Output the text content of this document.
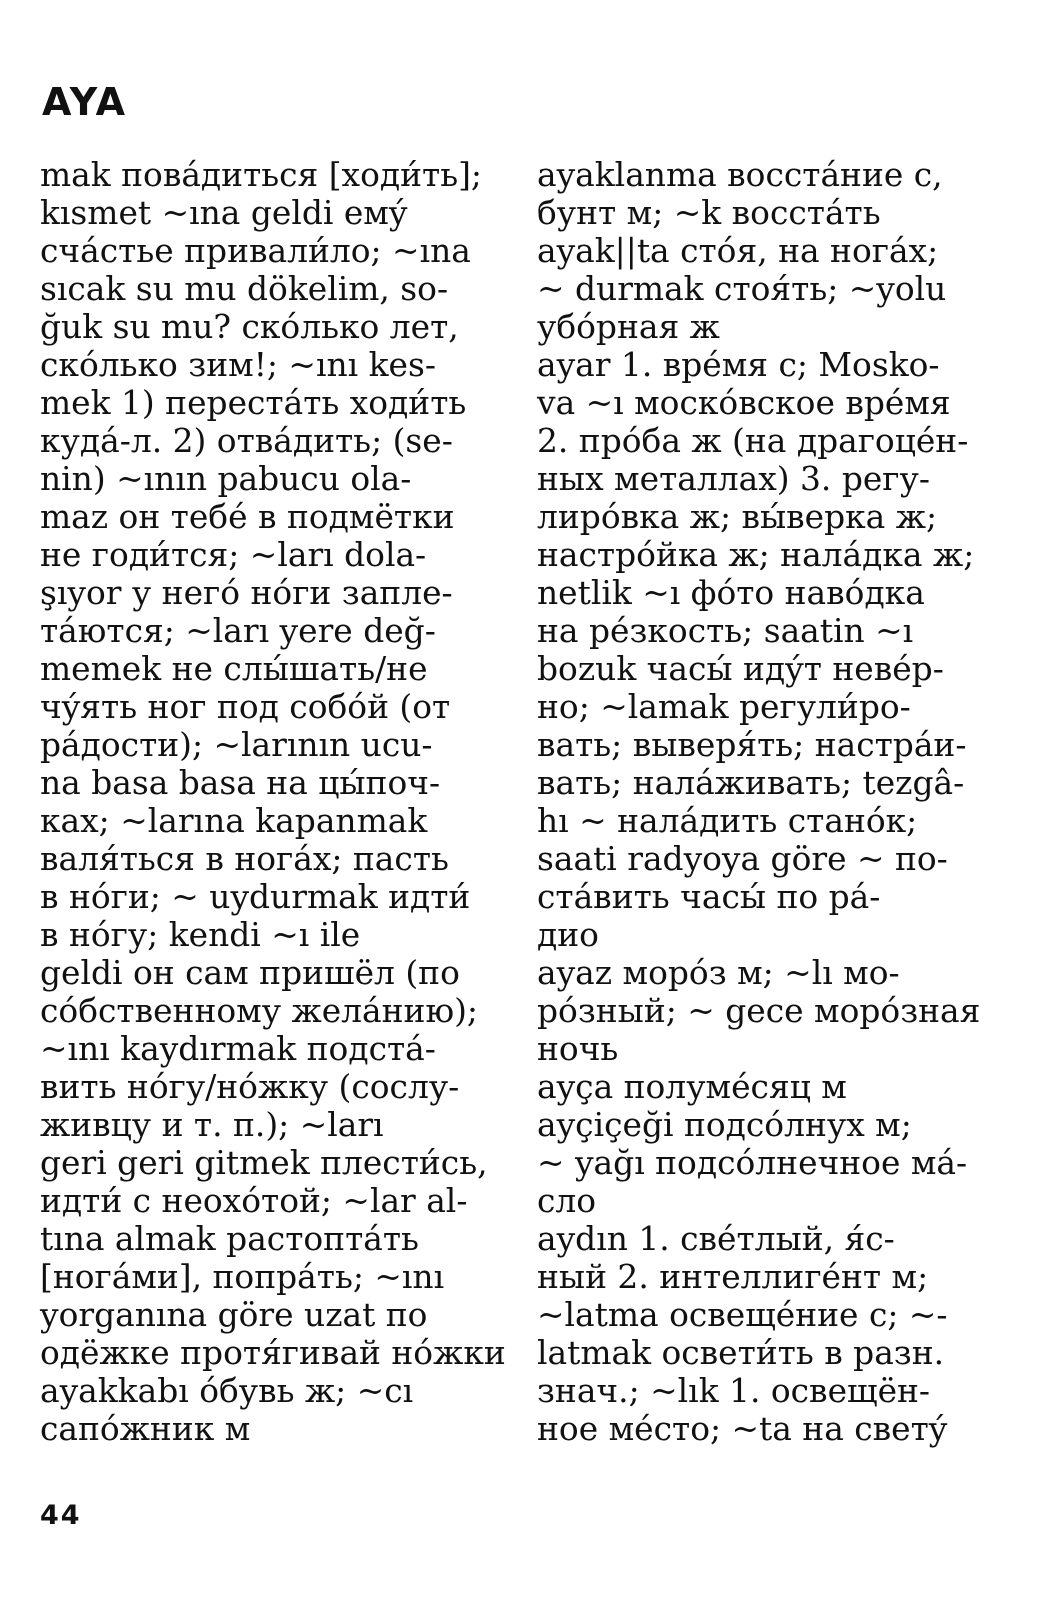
AYA
mak повáдиться [ходи́ть];
kısmet ~ına geldi емý
счáстье привали́ло; ~ına
sıcak su mu dökelim, so-
ğuk su mu? скóлько лет,
скóлько зим!; ~ını kes-
mek 1) перестáть ходи́ть
кудá-л. 2) отвáдить; (se-
nin) ~ının pabucu ola-
maz он тебé в подмётки
не годи́тся; ~ları dola-
şıyor у негó нóги запле-
тáются; ~ları yere değ-
memek не слы́шать/не
чýять ног под собóй (от
рáдости); ~larının ucu-
na basa basa на цы́поч-
ках; ~larına kapanmak
валя́ться в ногáх; пасть
в нóги; ~ uydurmak идти́
в нóгу; kendi ~ı ile
geldi он сам пришёл (по
сóбственному желáнию);
~ını kaydırmak подстá-
вить нóгу/нóжку (сослу-
живцу и т. п.); ~ları
geri geri gitmek плести́сь,
идти́ с неохóтой; ~lar al-
tına almak растоптáть
[ногáми], попрáть; ~ını
yorganına göre uzat по
одёжке протя́гивай нóжки
ayakkabı óбувь ж; ~cı
сапóжник м
ayaklanma восстáние с,
бунт м; ~k восстáть
ayak||ta стóя, на ногáх;
~ durmak стоя́ть; ~yolu
убóрная ж
ayar 1. врéмя с; Mosko-
va ~ı москóвское врéмя
2. прóба ж (на драгоцéн-
ных металлах) 3. регу-
лирóвка ж; вы́верка ж;
настрóйка ж; налáдка ж;
netlik ~ı фóто навóдка
на рéзкость; saatin ~ı
bozuk часы́ идýт невéр-
но; ~lamak регули́ро-
вать; выверя́ть; настрáи-
вать; налáживать; tezgâ-
hı ~ налáдить станóк;
saati radyoya göre ~ по-
стáвить часы́ по рá-
дио
ayaz морóз м; ~lı мо-
рóзный; ~ gece морóзная
ночь
ayça полумéсяц м
ayçiçeği подсóлнух м;
~ yağı подсóлнечное мá-
сло
aydın 1. свéтлый, я́с-
ный 2. интеллигéнт м;
~latma освещéние с; ~-
latmak освети́ть в разн.
знач.; ~lık 1. освещён-
ное мéсто; ~ta на светý
44
